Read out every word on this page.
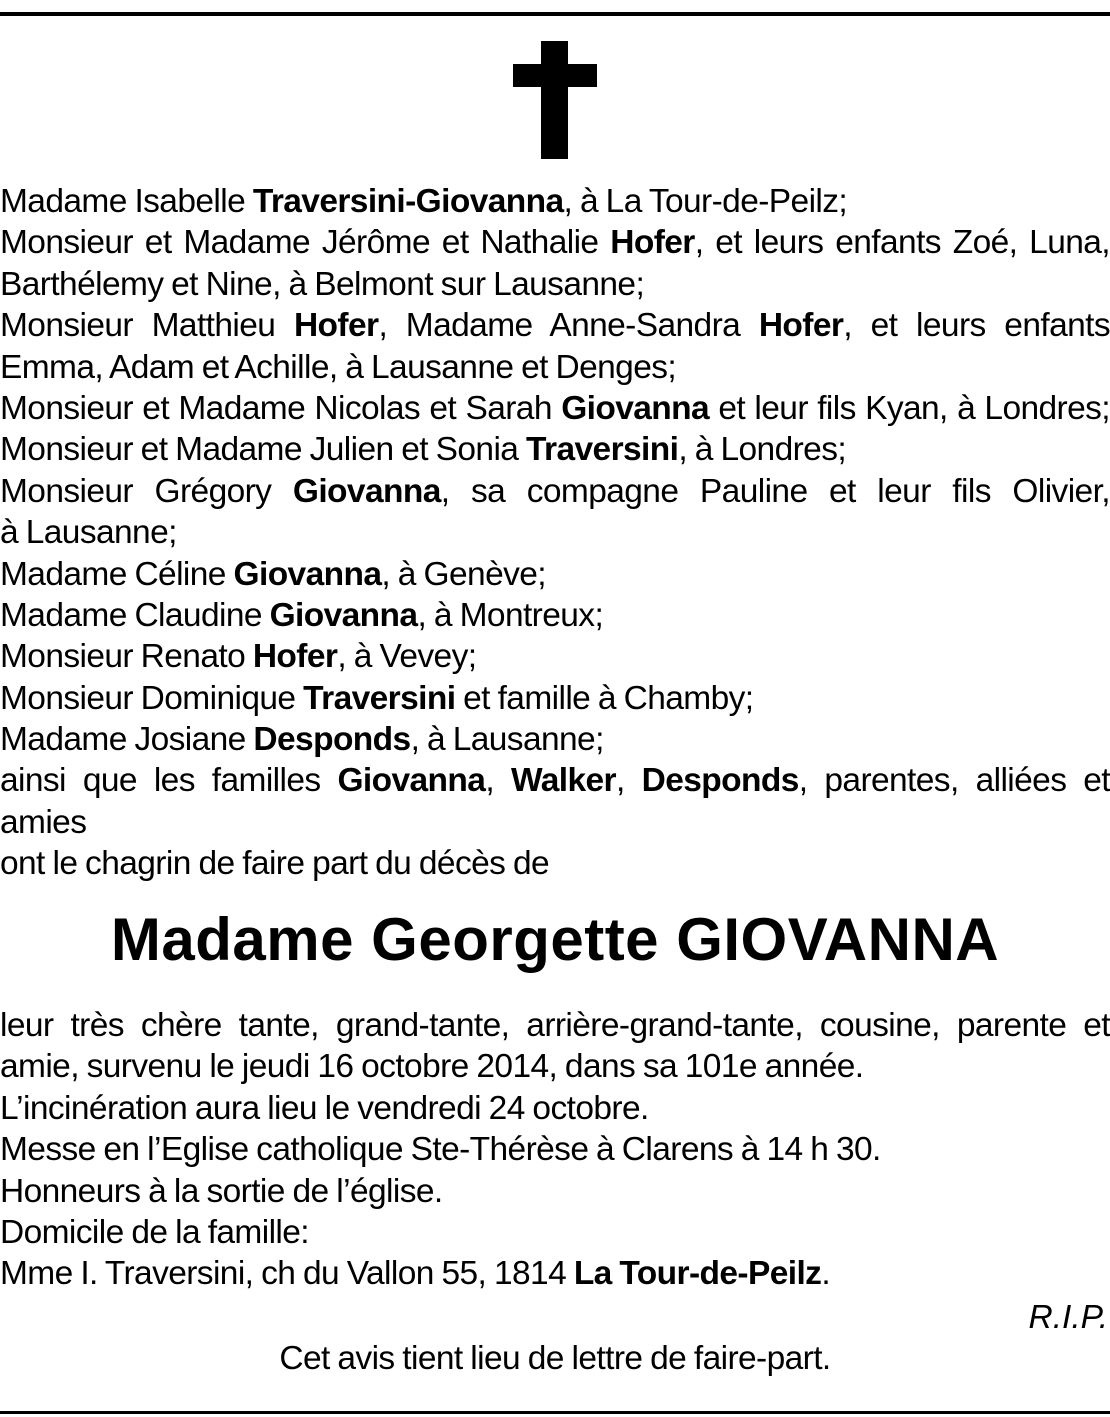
Madame Isabelle Traversini-Giovanna, à La Tour-de-Peilz;
Monsieur et Madame Jérôme et Nathalie Hofer, et leurs enfants Zoé, Luna,
Barthélemy et Nine, à Belmont sur Lausanne;
Monsieur Matthieu Hofer, Madame Anne-Sandra Hofer, et leurs enfants
Emma, Adam et Achille, à Lausanne et Denges;
Monsieur et Madame Nicolas et Sarah Giovanna et leur fils Kyan, à Londres;
Monsieur et Madame Julien et Sonia Traversini, à Londres;
Monsieur Grégory Giovanna, sa compagne Pauline et leur fils Olivier,
à Lausanne;
Madame Céline Giovanna, à Genève;
Madame Claudine Giovanna, à Montreux;
Monsieur Renato Hofer, à Vevey;
Monsieur Dominique Traversini et famille à Chamby;
Madame Josiane Desponds, à Lausanne;
ainsi que les familles Giovanna, Walker, Desponds, parentes, alliées et
amies
ont le chagrin de faire part du décès de
Madame Georgette GIOVANNA
leur très chère tante, grand-tante, arrière-grand-tante, cousine, parente et
amie, survenu le jeudi 16 octobre 2014, dans sa 101e année.
L’incinération aura lieu le vendredi 24 octobre.
Messe en l’Eglise catholique Ste-Thérèse à Clarens à 14 h 30.
Honneurs à la sortie de l’église.
Domicile de la famille:
Mme I. Traversini, ch du Vallon 55, 1814 La Tour-de-Peilz.
R.I.P.
Cet avis tient lieu de lettre de faire-part.
